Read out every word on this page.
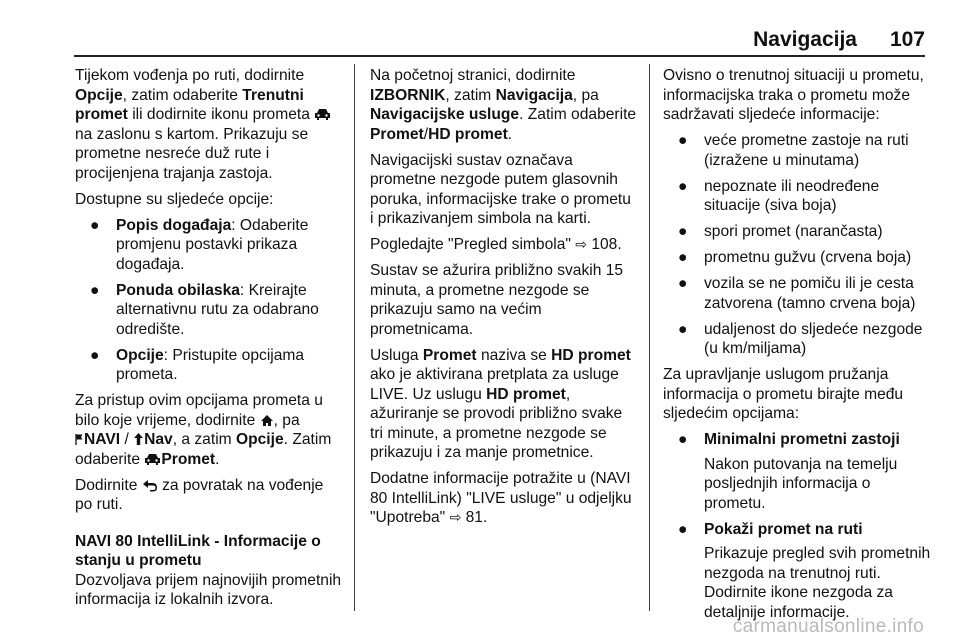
Navigacija 107

Tijekom vođenja po ruti, dodirnite Opcije, zatim odaberite Trenutni promet ili dodirnite ikonu prometa  na zaslonu s kartom. Prikazuju se prometne nesreće duž rute i procijenjena trajanja zastoja.

Dostupne su sljedeće opcije:

● Popis događaja: Odaberite promjenu postavki prikaza događaja.
● Ponuda obilaska: Kreirajte alternativnu rutu za odabrano odredište.
● Opcije: Pristupite opcijama prometa.

Za pristup ovim opcijama prometa u bilo koje vrijeme, dodirnite , pa
NAVI / Nav, a zatim Opcije. Zatim odaberite Promet.

Dodirnite  za povratak na vođenje po ruti.

NAVI 80 IntelliLink - Informacije o stanju u prometu

Dozvoljava prijem najnovijih prometnih informacija iz lokalnih izvora.

Na početnoj stranici, dodirnite IZBORNIK, zatim Navigacija, pa Navigacijske usluge. Zatim odaberite Promet/HD promet.

Navigacijski sustav označava prometne nezgode putem glasovnih poruka, informacijske trake o prometu i prikazivanjem simbola na karti.

Pogledajte "Pregled simbola" ⇨ 108.

Sustav se ažurira približno svakih 15 minuta, a prometne nezgode se prikazuju samo na većim prometnicama.

Usluga Promet naziva se HD promet ako je aktivirana pretplata za usluge LIVE. Uz uslugu HD promet, ažuriranje se provodi približno svake tri minute, a prometne nezgode se prikazuju i za manje prometnice.

Dodatne informacije potražite u (NAVI 80 IntelliLink) "LIVE usluge" u odjeljku "Upotreba" ⇨ 81.

Ovisno o trenutnoj situaciji u prometu, informacijska traka o prometu može sadržavati sljedeće informacije:

● veće prometne zastoje na ruti (izražene u minutama)
● nepoznate ili neodređene situacije (siva boja)
● spori promet (narančasta)
● prometnu gužvu (crvena boja)
● vozila se ne pomiču ili je cesta zatvorena (tamno crvena boja)
● udaljenost do sljedeće nezgode (u km/miljama)

Za upravljanje uslugom pružanja informacija o prometu birajte među sljedećim opcijama:

● Minimalni prometni zastoji
Nakon putovanja na temelju posljednjih informacija o prometu.
● Pokaži promet na ruti
Prikazuje pregled svih prometnih nezgoda na trenutnoj ruti. Dodirnite ikone nezgoda za detaljnije informacije.
carmanualsonline.info
